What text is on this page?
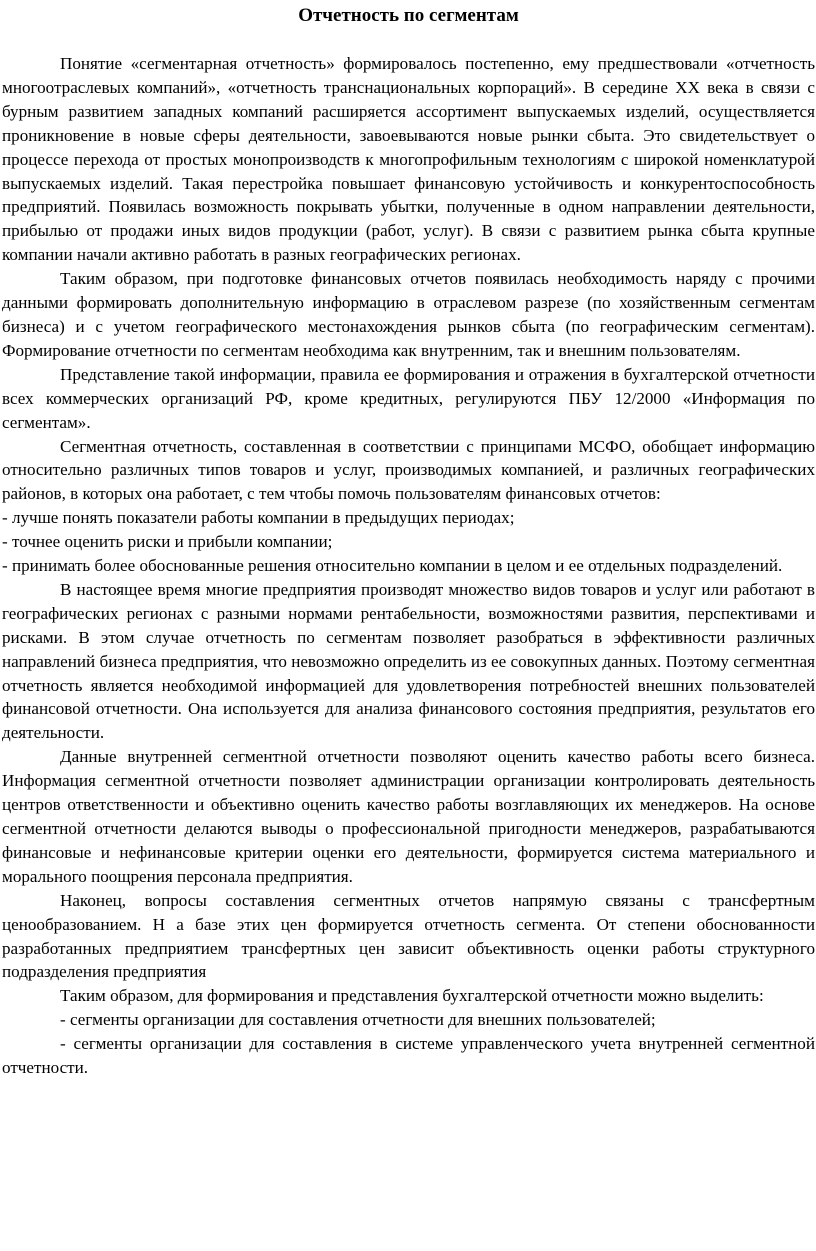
Отчетность по сегментам

Понятие «сегментарная отчетность» формировалось постепенно, ему предшествовали «отчетность многоотраслевых компаний», «отчетность транснациональных корпораций». В середине XX века в связи с бурным развитием западных компаний расширяется ассортимент выпускаемых изделий, осуществляется проникновение в новые сферы деятельности, завоевываются новые рынки сбыта. Это свидетельствует о процессе перехода от простых монопроизводств к многопрофильным технологиям с широкой номенклатурой выпускаемых изделий. Такая перестройка повышает финансовую устойчивость и конкурентоспособность предприятий. Появилась возможность покрывать убытки, полученные в одном направлении деятельности, прибылью от продажи иных видов продукции (работ, услуг). В связи с развитием рынка сбыта крупные компании начали активно работать в разных географических регионах.

Таким образом, при подготовке финансовых отчетов появилась необходимость наряду с прочими данными формировать дополнительную информацию в отраслевом разрезе (по хозяйственным сегментам бизнеса) и с учетом географического местонахождения рынков сбыта (по географическим сегментам). Формирование отчетности по сегментам необходима как внутренним, так и внешним пользователям.

Представление такой информации, правила ее формирования и отражения в бухгалтерской отчетности всех коммерческих организаций РФ, кроме кредитных, регулируются ПБУ 12/2000 «Информация по сегментам».

Сегментная отчетность, составленная в соответствии с принципами МСФО, обобщает информацию относительно различных типов товаров и услуг, производимых компанией, и различных географических районов, в которых она работает, с тем чтобы помочь пользователям финансовых отчетов:

- лучше понять показатели работы компании в предыдущих периодах;

- точнее оценить риски и прибыли компании;

- принимать более обоснованные решения относительно компании в целом и ее отдельных подразделений.

В настоящее время многие предприятия производят множество видов товаров и услуг или работают в географических регионах с разными нормами рентабельности, возможностями развития, перспективами и рисками. В этом случае отчетность по сегментам позволяет разобраться в эффективности различных направлений бизнеса предприятия, что невозможно определить из ее совокупных данных. Поэтому сегментная отчетность является необходимой информацией для удовлетворения потребностей внешних пользователей финансовой отчетности. Она используется для анализа финансового состояния предприятия, результатов его деятельности.

Данные внутренней сегментной отчетности позволяют оценить качество работы всего бизнеса. Информация сегментной отчетности позволяет администрации организации контролировать деятельность центров ответственности и объективно оценить качество работы возглавляющих их менеджеров. На основе сегментной отчетности делаются выводы о профессиональной пригодности менеджеров, разрабатываются финансовые и нефинансовые критерии оценки его деятельности, формируется система материального и морального поощрения персонала предприятия.

Наконец, вопросы составления сегментных отчетов напрямую связаны с трансфертным ценообразованием. Н а базе этих цен формируется отчетность сегмента. От степени обоснованности разработанных предприятием трансфертных цен зависит объективность оценки работы структурного подразделения предприятия

Таким образом, для формирования и представления бухгалтерской отчетности можно выделить:

- сегменты организации для составления отчетности для внешних пользователей;

- сегменты организации для составления в системе управленческого учета внутренней сегментной отчетности.
